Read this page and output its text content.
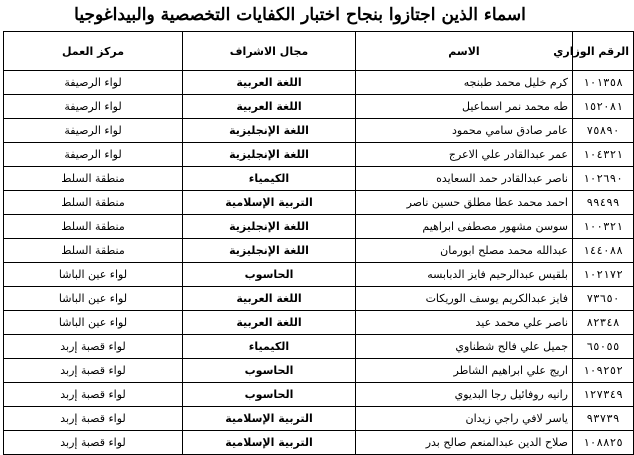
اسماء الذين اجتازوا بنجاح اختبار الكفايات التخصصية والبيداغوجيا
الرقم الوزاري	الاسم	مجال الاشراف	مركز العمل
١٠١٣٥٨	كرم خليل محمد طبنجه	اللغة العربية	لواء الرصيفة
١٥٢٠٨١	طه محمد نمر اسماعيل	اللغة العربية	لواء الرصيفة
٧٥٨٩٠	عامر صادق سامي محمود	اللغة الإنجليزية	لواء الرصيفة
١٠٤٣٢١	عمر عبدالقادر علي الاعرج	اللغة الإنجليزية	لواء الرصيفة
١٠٢٦٩٠	ناصر عبدالقادر حمد السعايده	الكيمياء	منطقة السلط
٩٩٤٩٩	احمد محمد عطا مطلق حسين ناصر	التربية الإسلامية	منطقة السلط
١٠٠٣٢١	سوسن مشهور مصطفى ابراهيم	اللغة الإنجليزية	منطقة السلط
١٤٤٠٨٨	عبدالله محمد مصلح ابورمان	اللغة الإنجليزية	منطقة السلط
١٠٢١٧٢	بلقيس عبدالرحيم فايز الدبابسه	الحاسوب	لواء عين الباشا
٧٣٦٥٠	فايز عبدالكريم يوسف الوريكات	اللغة العربية	لواء عين الباشا
٨٢٣٤٨	ناصر علي محمد عيد	اللغة العربية	لواء عين الباشا
٦٥٠٥٥	جميل علي فالح شطناوي	الكيمياء	لواء قصبة إربد
١٠٩٢٥٢	اريج علي ابراهيم الشاطر	الحاسوب	لواء قصبة إربد
١٢٧٣٤٩	رانيه روفائيل رجا البديوي	الحاسوب	لواء قصبة إربد
٩٣٧٣٩	ياسر لافي راجي زيدان	التربية الإسلامية	لواء قصبة إربد
١٠٨٨٢٥	صلاح الدين عبدالمنعم صالح بدر	التربية الإسلامية	لواء قصبة إربد
